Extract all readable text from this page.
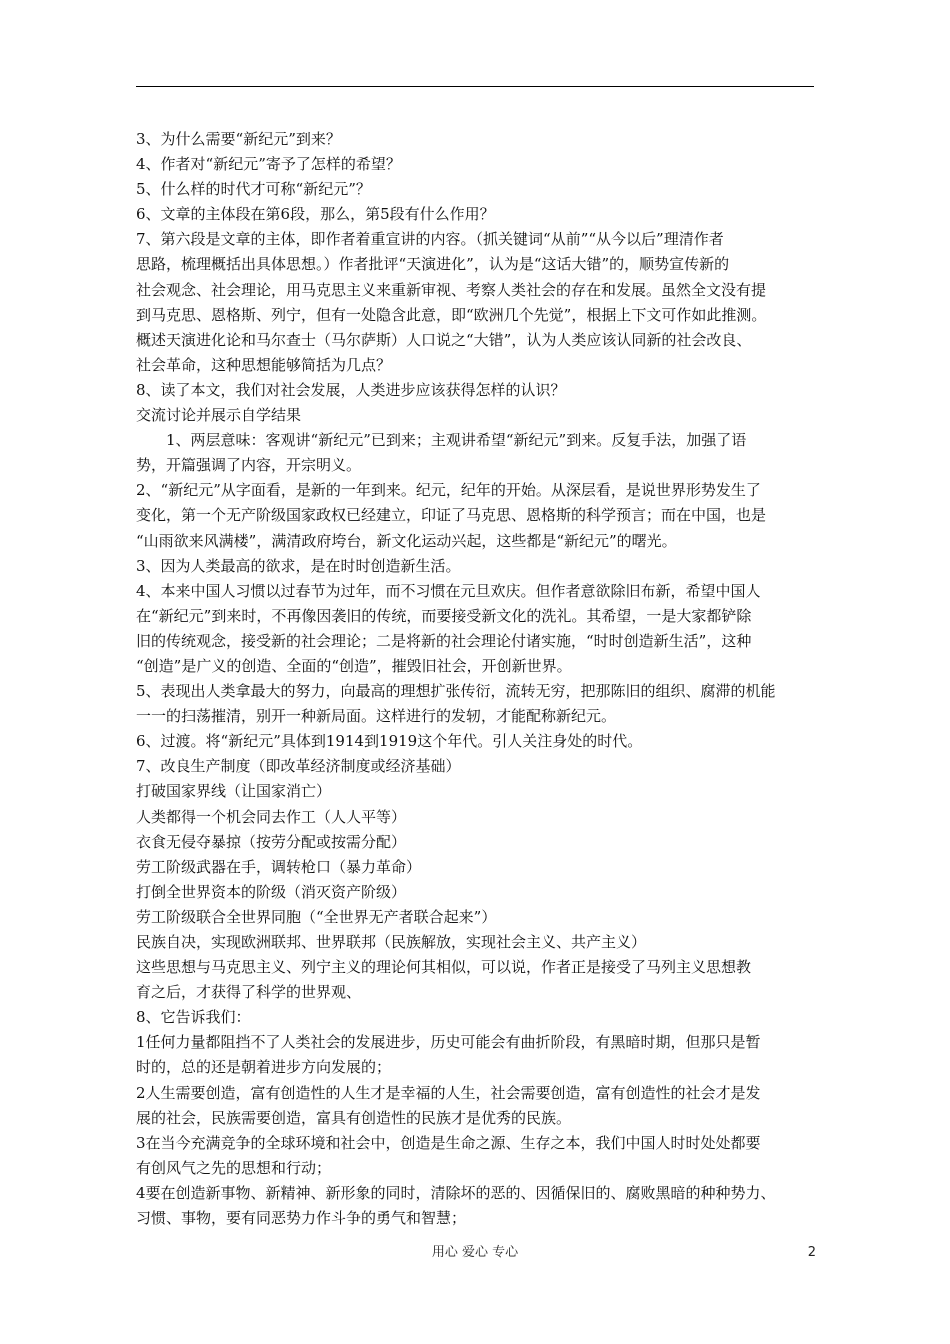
3、为什么需要“新纪元”到来？
4、作者对“新纪元”寄予了怎样的希望？
5、什么样的时代才可称“新纪元”？
6、文章的主体段在第6段，那么，第5段有什么作用？
7、第六段是文章的主体，即作者着重宣讲的内容。（抓关键词“从前”“从今以后”理清作者
思路，梳理概括出具体思想。）作者批评“天演进化”，认为是“这话大错”的，顺势宣传新的
社会观念、社会理论，用马克思主义来重新审视、考察人类社会的存在和发展。虽然全文没有提
到马克思、恩格斯、列宁，但有一处隐含此意，即“欧洲几个先觉”，根据上下文可作如此推测。
概述天演进化论和马尔查士（马尔萨斯）人口说之“大错”，认为人类应该认同新的社会改良、
社会革命，这种思想能够简括为几点？
8、读了本文，我们对社会发展，人类进步应该获得怎样的认识？
交流讨论并展示自学结果
1、两层意味：客观讲“新纪元”已到来；主观讲希望“新纪元”到来。反复手法，加强了语
势，开篇强调了内容，开宗明义。
2、“新纪元”从字面看，是新的一年到来。纪元，纪年的开始。从深层看，是说世界形势发生了
变化，第一个无产阶级国家政权已经建立，印证了马克思、恩格斯的科学预言；而在中国，也是
“山雨欲来风满楼”，满清政府垮台，新文化运动兴起，这些都是“新纪元”的曙光。
3、因为人类最高的欲求，是在时时创造新生活。
4、本来中国人习惯以过春节为过年，而不习惯在元旦欢庆。但作者意欲除旧布新，希望中国人
在“新纪元”到来时，不再像因袭旧的传统，而要接受新文化的洗礼。其希望，一是大家都铲除
旧的传统观念，接受新的社会理论；二是将新的社会理论付诸实施，“时时创造新生活”，这种
“创造”是广义的创造、全面的“创造”，摧毁旧社会，开创新世界。
5、表现出人类拿最大的努力，向最高的理想扩张传衍，流转无穷，把那陈旧的组织、腐滞的机能
一一的扫荡摧清，别开一种新局面。这样进行的发轫，才能配称新纪元。
6、过渡。将“新纪元”具体到1914到1919这个年代。引人关注身处的时代。
7、改良生产制度（即改革经济制度或经济基础）
打破国家界线（让国家消亡）
人类都得一个机会同去作工（人人平等）
衣食无侵夺暴掠（按劳分配或按需分配）
劳工阶级武器在手，调转枪口（暴力革命）
打倒全世界资本的阶级（消灭资产阶级）
劳工阶级联合全世界同胞（“全世界无产者联合起来”）
民族自决，实现欧洲联邦、世界联邦（民族解放，实现社会主义、共产主义）
这些思想与马克思主义、列宁主义的理论何其相似，可以说，作者正是接受了马列主义思想教
育之后，才获得了科学的世界观、
8、它告诉我们：
1任何力量都阻挡不了人类社会的发展进步，历史可能会有曲折阶段，有黑暗时期，但那只是暂
时的，总的还是朝着进步方向发展的；
2人生需要创造，富有创造性的人生才是幸福的人生，社会需要创造，富有创造性的社会才是发
展的社会，民族需要创造，富具有创造性的民族才是优秀的民族。
3在当今充满竞争的全球环境和社会中，创造是生命之源、生存之本，我们中国人时时处处都要
有创风气之先的思想和行动；
4要在创造新事物、新精神、新形象的同时，清除坏的恶的、因循保旧的、腐败黑暗的种种势力、
习惯、事物，要有同恶势力作斗争的勇气和智慧；
用心 爱心 专心	2
